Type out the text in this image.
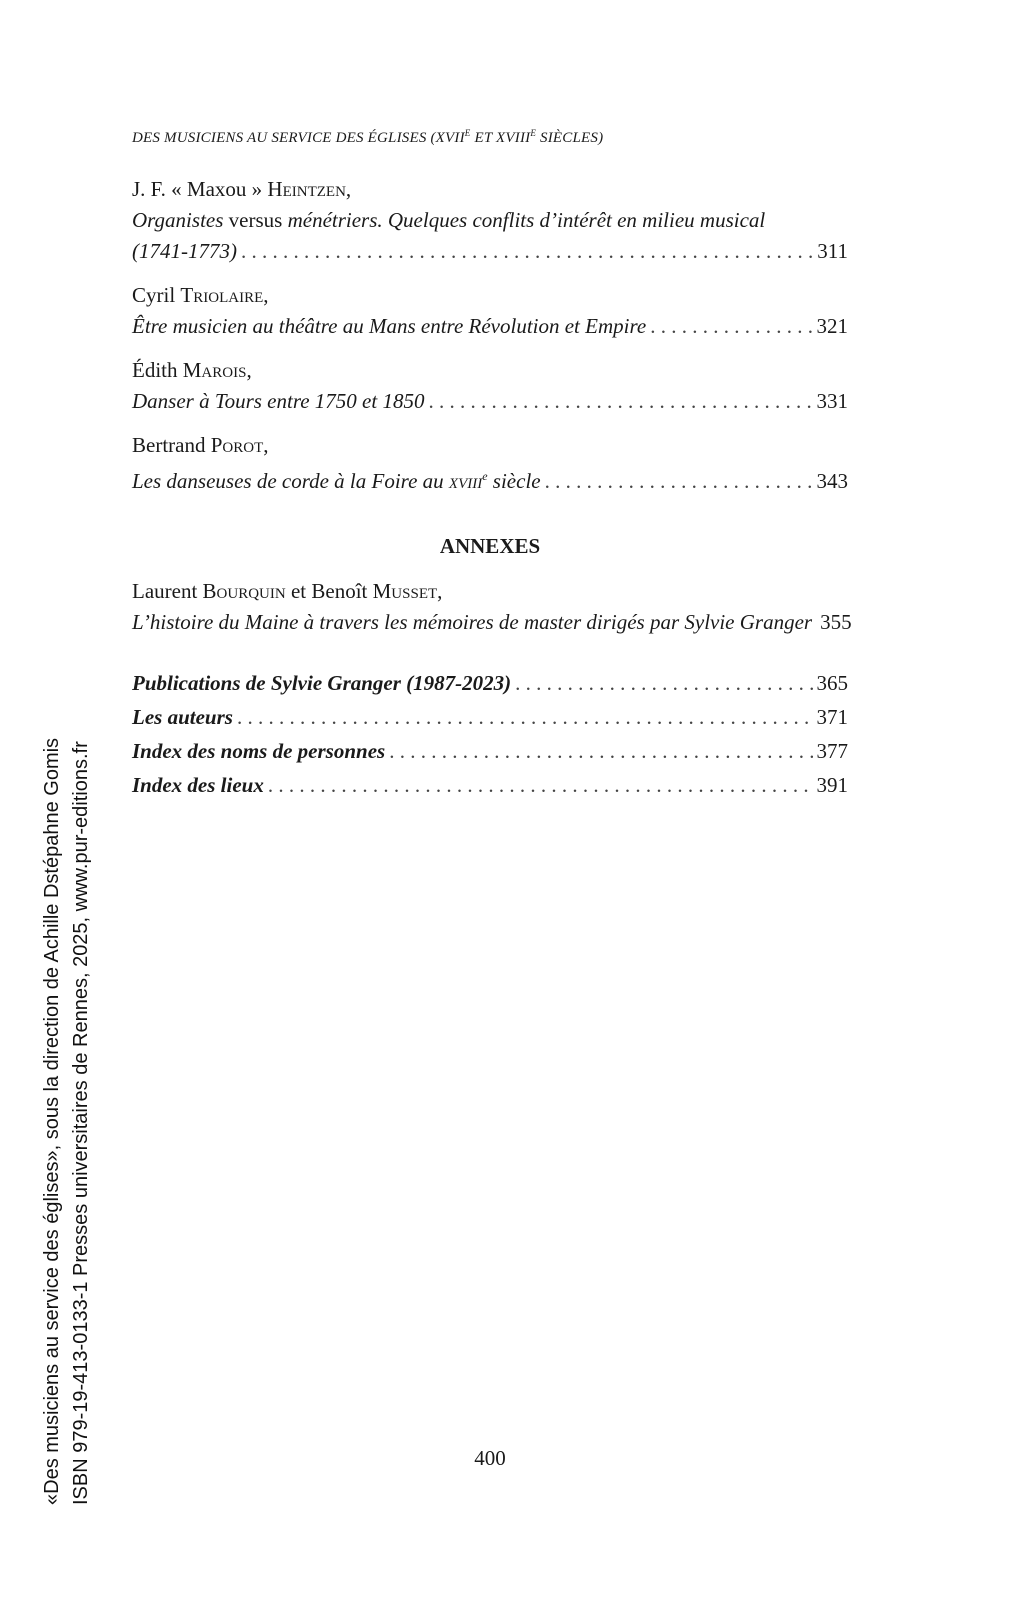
DES MUSICIENS AU SERVICE DES ÉGLISES ($XVII^E$ ET $XVIII^E$ SIÈCLES)
J. F. « Maxou » Heintzen,
Organistes versus ménétriers. Quelques conflits d’intérêt en milieu musical
(1741-1773) . . .	311
Cyril Triolaire,
Être musicien au théâtre au Mans entre Révolution et Empire . . .	321
Édith Marois,
Danser à Tours entre 1750 et 1850 . . .	331
Bertrand Porot,
Les danseuses de corde à la Foire au xviii$^e$ siècle . . .	343
ANNEXES
Laurent Bourquin et Benoît Musset,
L’histoire du Maine à travers les mémoires de master dirigés par Sylvie Granger 355
Publications de Sylvie Granger (1987-2023) . . .	365
Les auteurs . . .	371
Index des noms de personnes . . .	377
Index des lieux . . .	391
400
«Des musiciens au service des églises», sous la direction de Achille Dstépahne Gomis ISBN 979-19-413-0133-1 Presses universitaires de Rennes, 2025, www.pur-editions.fr
